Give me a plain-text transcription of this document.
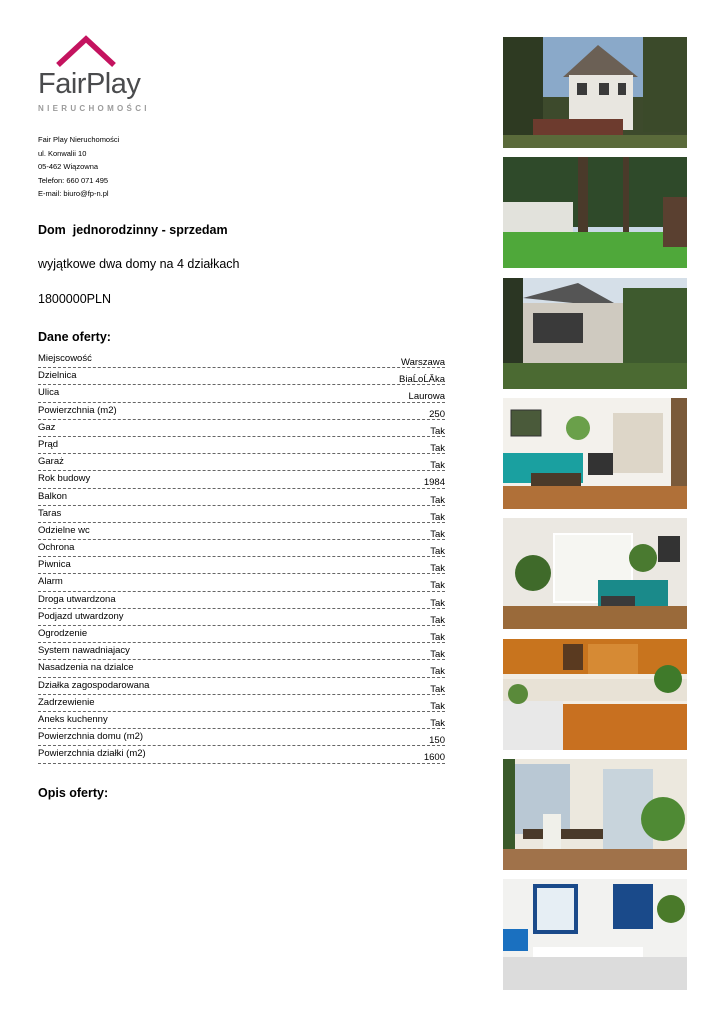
FairPlay
NIERUCHOMOŚCI
Fair Play Nieruchomości
ul. Konwalii 10
05-462 Wiązowna
Telefon: 660 071 495
E-mail: biuro@fp-n.pl
Dom  jednorodzinny - sprzedam
wyjątkowe dwa domy na 4 działkach
1800000PLN
Dane oferty:
Miejscowość	Warszawa
Dzielnica	BiaĹoĹĂka
Ulica	Laurowa
Powierzchnia (m2)	250
Gaz	Tak
Prąd	Tak
Garaż	Tak
Rok budowy	1984
Balkon	Tak
Taras	Tak
Odzielne wc	Tak
Ochrona	Tak
Piwnica	Tak
Alarm	Tak
Droga utwardzona	Tak
Podjazd utwardzony	Tak
Ogrodzenie	Tak
System nawadniajacy	Tak
Nasadzenia na dzialce	Tak
Działka zagospodarowana	Tak
Zadrzewienie	Tak
Aneks kuchenny	Tak
Powierzchnia domu (m2)	150
Powierzchnia działki (m2)	1600
Opis oferty:
